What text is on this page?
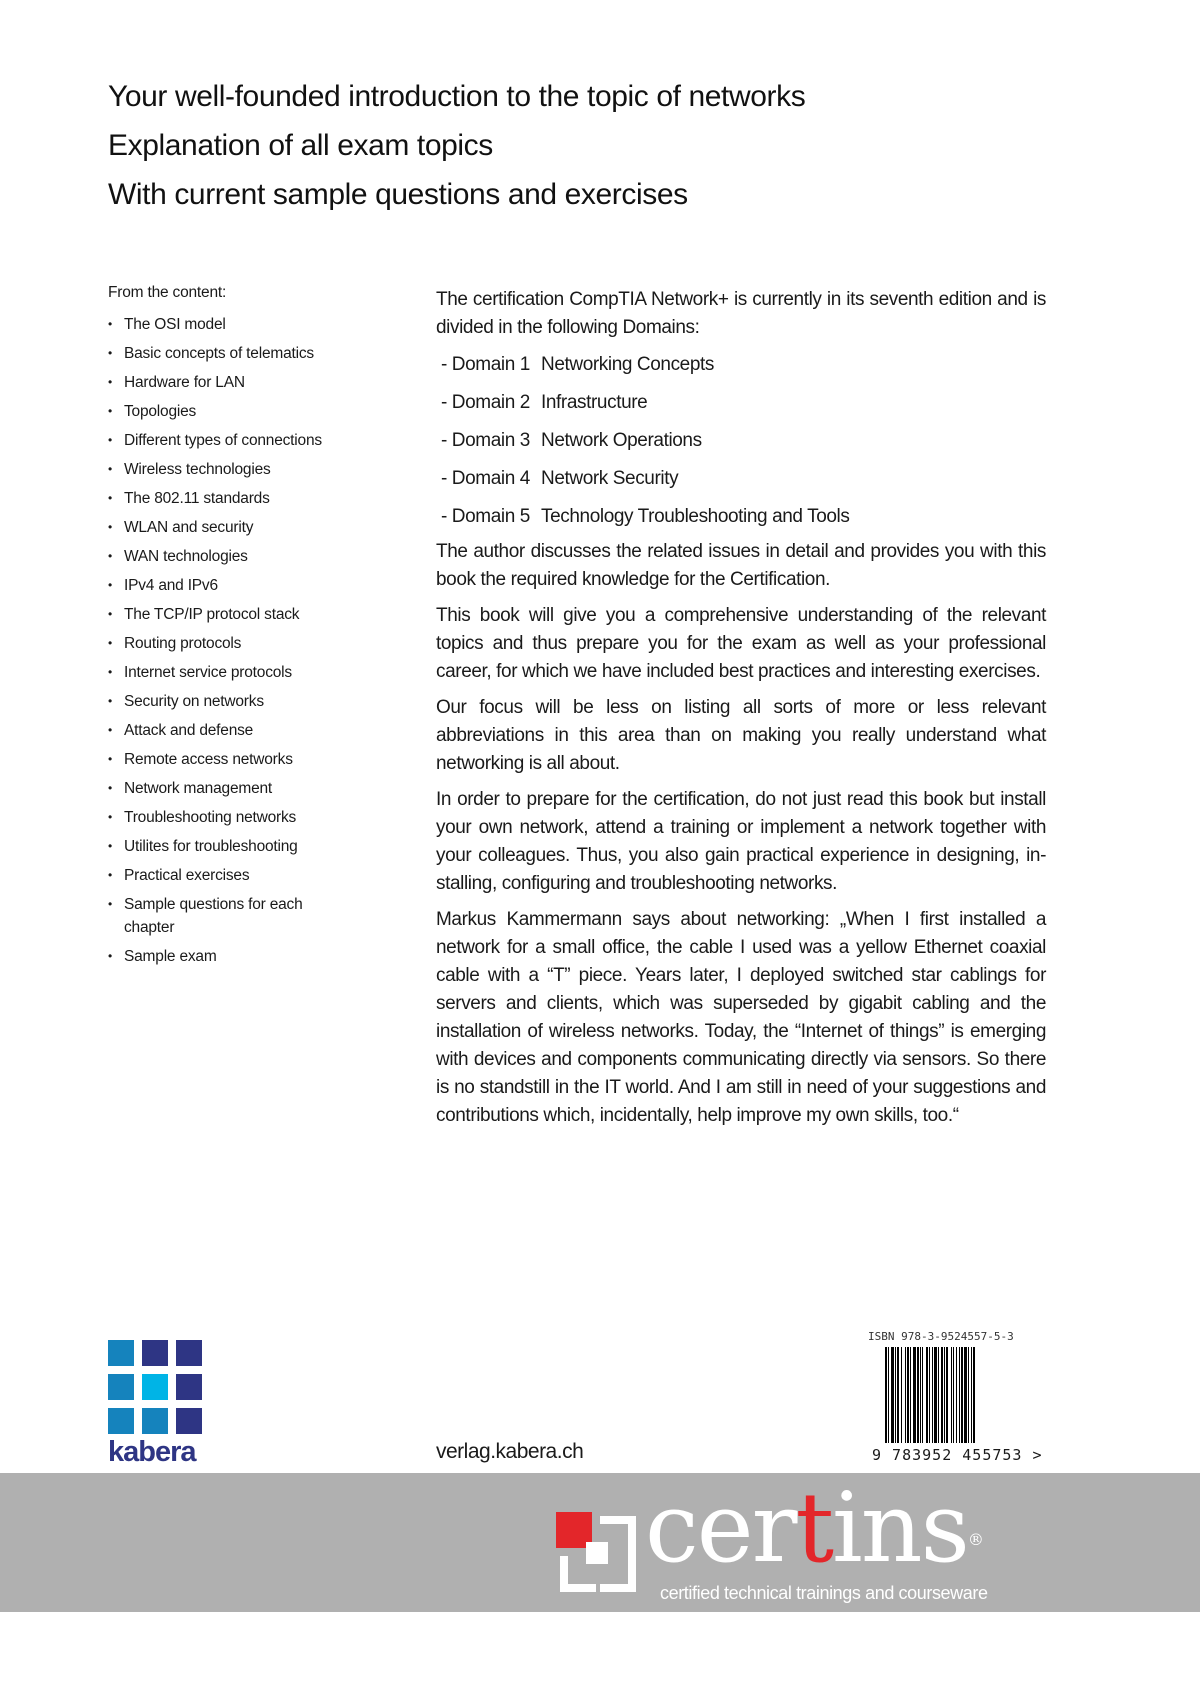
Your well-founded introduction to the topic of networks
Explanation of all exam topics
With current sample questions and exercises
From the content:
• The OSI model
• Basic concepts of telematics
• Hardware for LAN
• Topologies
• Different types of connections
• Wireless technologies
• The 802.11 standards
• WLAN and security
• WAN technologies
• IPv4 and IPv6
• The TCP/IP protocol stack
• Routing protocols
• Internet service protocols
• Security on networks
• Attack and defense
• Remote access networks
• Network management
• Troubleshooting networks
• Utilites for troubleshooting
• Practical exercises
• Sample questions for each chapter
• Sample exam

The certification CompTIA Network+ is currently in its seventh edition and is divided in the following Domains:

- Domain 1 Networking Concepts
- Domain 2 Infrastructure
- Domain 3 Network Operations
- Domain 4 Network Security
- Domain 5 Technology Troubleshooting and Tools

The author discusses the related issues in detail and provides you with this book the required knowledge for the Certification.

This book will give you a comprehensive understanding of the relevant topics and thus prepare you for the exam as well as your professional career, for which we have included best practices and interesting exercises.

Our focus will be less on listing all sorts of more or less relevant abbreviations in this area than on making you really understand what networking is all about.

In order to prepare for the certification, do not just read this book but install your own network, attend a training or implement a network together with your colleagues. Thus, you also gain practical experience in designing, in-stalling, configuring and troubleshooting networks.

Markus Kammermann says about networking: „When I first installed a network for a small office, the cable I used was a yellow Ethernet coaxial cable with a “T” piece. Years later, I deployed switched star cablings for servers and clients, which was superseded by gigabit cabling and the installation of wireless networks. Today, the “Internet of things” is emerging with devices and components communicating directly via sensors. So there is no standstill in the IT world. And I am still in need of your suggestions and contributions which, incidentally, help improve my own skills, too.“

kabera	verlag.kabera.ch
ISBN 978-3-9524557-5-3
9 783952 455753 >
certins®
certified technical trainings and courseware
